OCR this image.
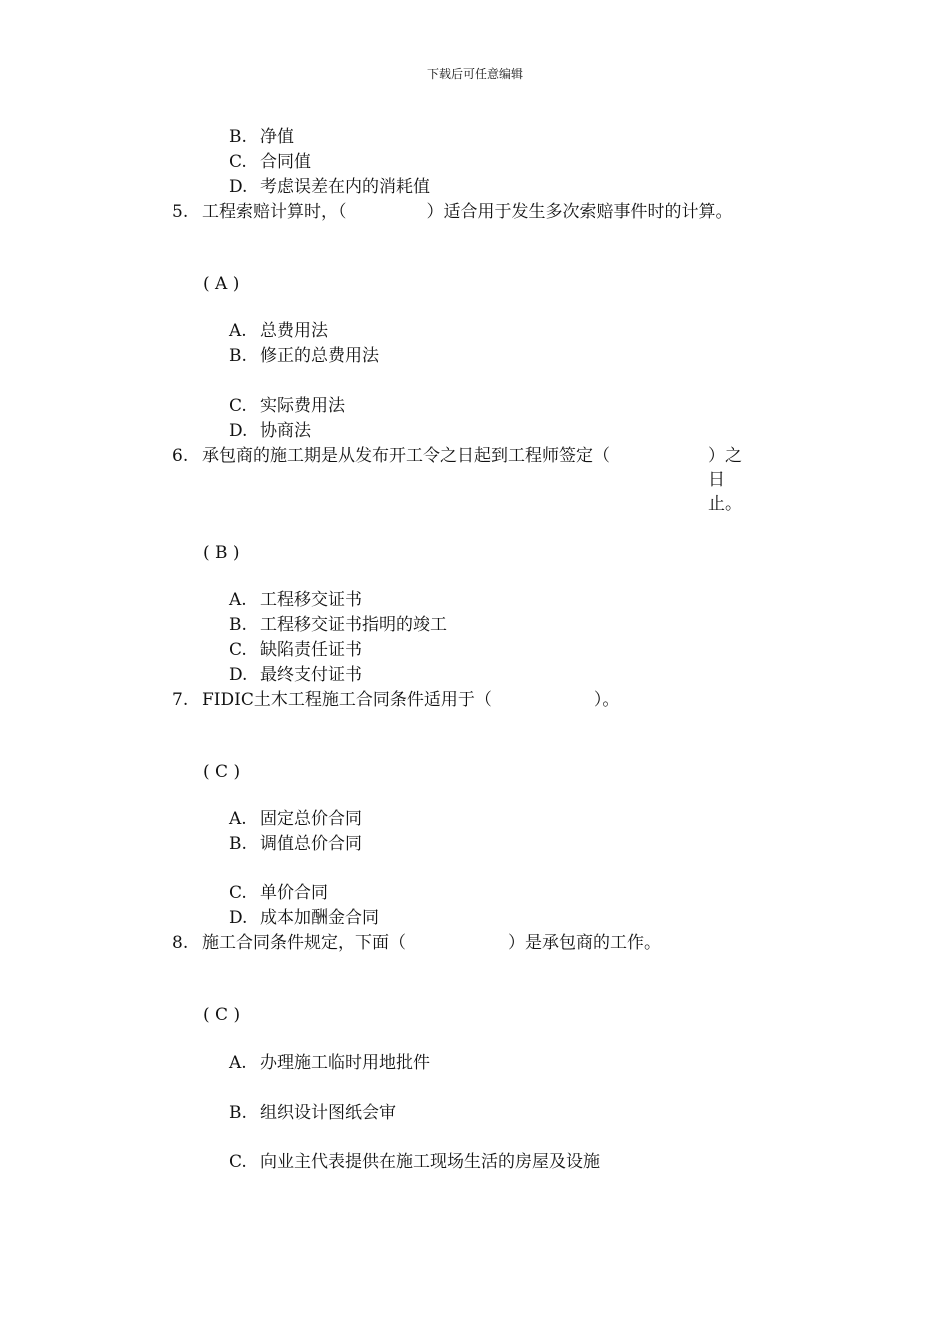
下载后可任意编辑
B. 净值
C. 合同值
D. 考虑误差在内的消耗值
5. 工程索赔计算时，（	）适合用于发生多次索赔事件时的计算。
( A )
A. 总费用法
B. 修正的总费用法
C. 实际费用法
D. 协商法
6. 承包商的施工期是从发布开工令之日起到工程师签定（	）之日止。
( B )
A. 工程移交证书
B. 工程移交证书指明的竣工
C. 缺陷责任证书
D. 最终支付证书
7. FIDIC土木工程施工合同条件适用于（	）。
( C )
A. 固定总价合同
B. 调值总价合同
C. 单价合同
D. 成本加酬金合同
8. 施工合同条件规定，下面（	）是承包商的工作。
( C )
A. 办理施工临时用地批件
B. 组织设计图纸会审
C. 向业主代表提供在施工现场生活的房屋及设施
